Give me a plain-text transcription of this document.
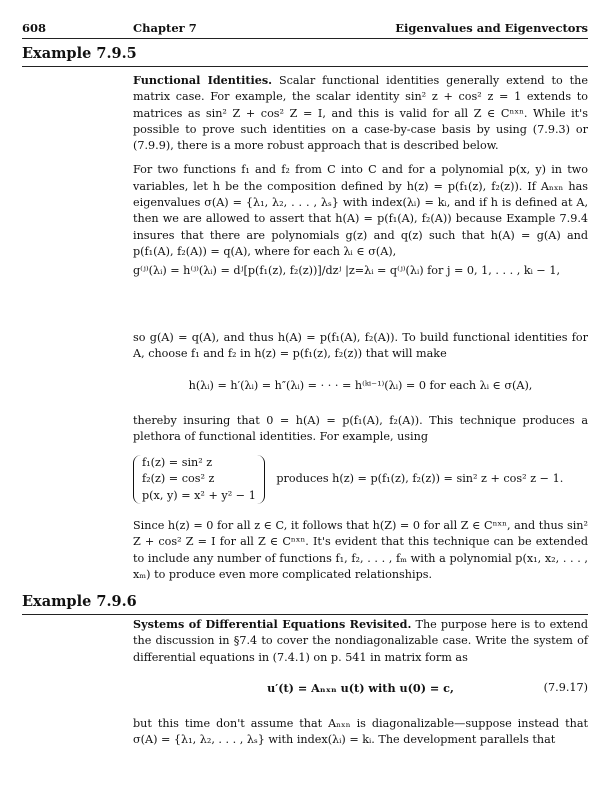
608	Chapter 7	Eigenvalues and Eigenvectors
Example 7.9.5

Functional Identities. Scalar functional identities generally extend to the matrix case. For example, the scalar identity sin² z + cos² z = 1 extends to matrices as sin² Z + cos² Z = I, and this is valid for all Z ∈ Cⁿˣⁿ. While it's possible to prove such identities on a case-by-case basis by using (7.9.3) or (7.9.9), there is a more robust approach that is described below.

For two functions f₁ and f₂ from C into C and for a polynomial p(x, y) in two variables, let h be the composition defined by h(z) = p(f₁(z), f₂(z)). If Aₙₓₙ has eigenvalues σ(A) = {λ₁, λ₂, . . . , λₛ} with index(λᵢ) = kᵢ, and if h is defined at A, then we are allowed to assert that h(A) = p(f₁(A), f₂(A)) because Example 7.9.4 insures that there are polynomials g(z) and q(z) such that h(A) = g(A) and p(f₁(A), f₂(A)) = q(A), where for each λᵢ ∈ σ(A),

g⁽ʲ⁾(λᵢ) = h⁽ʲ⁾(λᵢ) = dʲ[p(f₁(z), f₂(z))]/dzʲ |z=λᵢ = q⁽ʲ⁾(λᵢ) for j = 0, 1, . . . , kᵢ − 1,
so g(A) = q(A), and thus h(A) = p(f₁(A), f₂(A)). To build functional identities for A, choose f₁ and f₂ in h(z) = p(f₁(z), f₂(z)) that will make
h(λᵢ) = h′(λᵢ) = h″(λᵢ) = · · · = h⁽ᵏⁱ⁻¹⁾(λᵢ) = 0 for each λᵢ ∈ σ(A),
thereby insuring that 0 = h(A) = p(f₁(A), f₂(A)). This technique produces a plethora of functional identities. For example, using
f₁(z) = sin² z
f₂(z) = cos² z
p(x, y) = x² + y² − 1
produces h(z) = p(f₁(z), f₂(z)) = sin² z + cos² z − 1.
Since h(z) = 0 for all z ∈ C, it follows that h(Z) = 0 for all Z ∈ Cⁿˣⁿ, and thus sin² Z + cos² Z = I for all Z ∈ Cⁿˣⁿ. It's evident that this technique can be extended to include any number of functions f₁, f₂, . . . , fₘ with a polynomial p(x₁, x₂, . . . , xₘ) to produce even more complicated relationships.
Example 7.9.6

Systems of Differential Equations Revisited. The purpose here is to extend the discussion in §7.4 to cover the nondiagonalizable case. Write the system of differential equations in (7.4.1) on p. 541 in matrix form as

u′(t) = Aₙₓₙ u(t) with u(0) = c,	(7.9.17)
but this time don't assume that Aₙₓₙ is diagonalizable—suppose instead that σ(A) = {λ₁, λ₂, . . . , λₛ} with index(λᵢ) = kᵢ. The development parallels that
